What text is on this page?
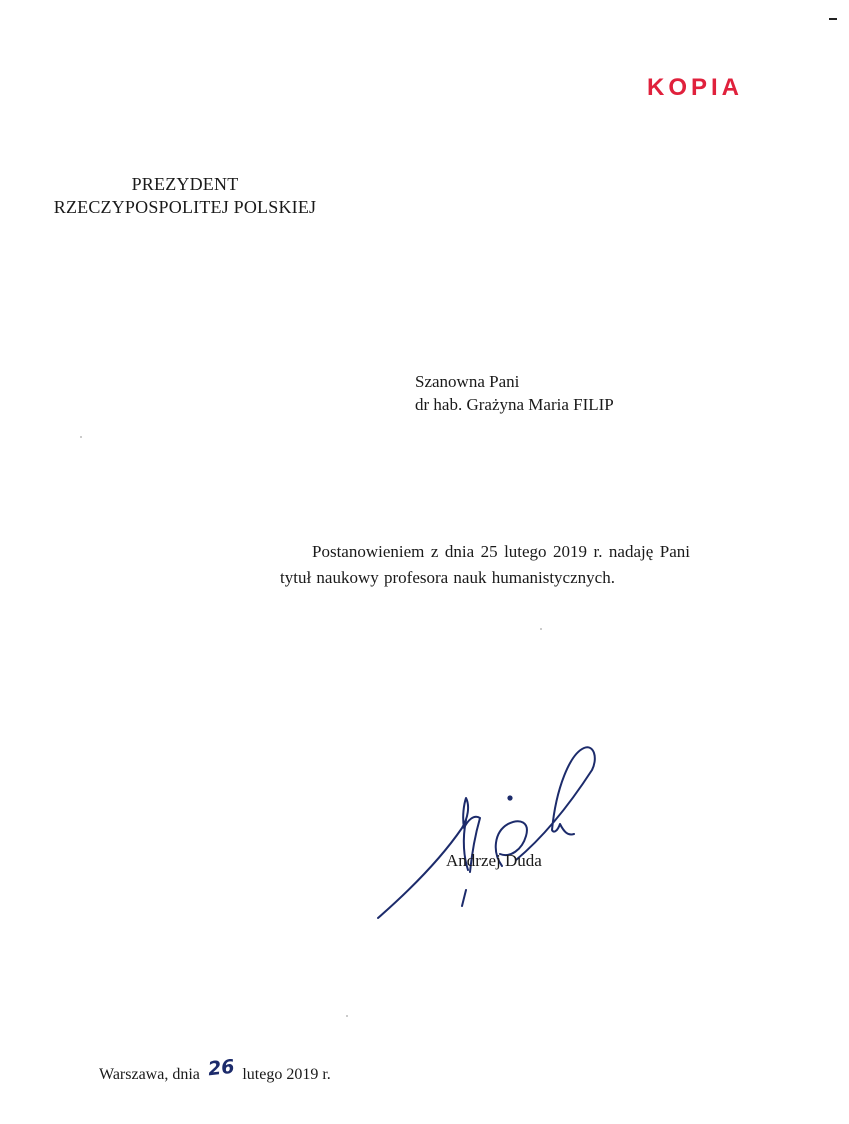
KOPIA
PREZYDENT
RZECZYPOSPOLITEJ POLSKIEJ
Szanowna Pani
dr hab. Grażyna Maria FILIP
Postanowieniem z dnia 25 lutego 2019 r. nadaję Pani tytuł naukowy profesora nauk humanistycznych.
Andrzej Duda
Warszawa, dnia 26 lutego 2019 r.
